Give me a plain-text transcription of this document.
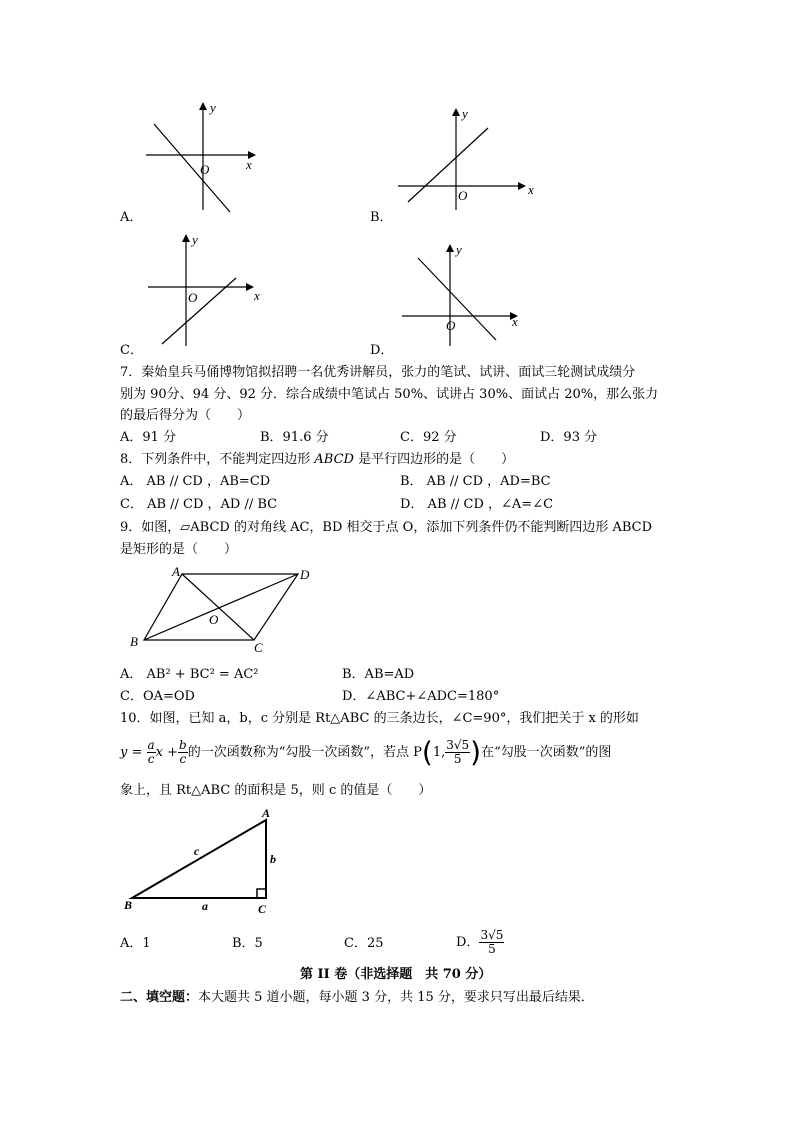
y
x
O
A．
y
x
O
B．
y
x
O
C．
y
x
O
D．
7．秦始皇兵马俑博物馆拟招聘一名优秀讲解员，张力的笔试、试讲、面试三轮测试成绩分
别为 90分、94 分、92 分．综合成绩中笔试占 50%、试讲占 30%、面试占 20%，那么张力
的最后得分为（　　）
A．91 分	B．91.6 分	C．92 分	D．93 分
8．下列条件中，不能判定四边形 ABCD 是平行四边形的是（　　）
A． AB // CD ，AB=CD	B． AB // CD ，AD=BC
C． AB // CD ，AD // BC	D． AB // CD ，∠A=∠C
9．如图，▱ABCD 的对角线 AC，BD 相交于点 O，添加下列条件仍不能判断四边形 ABCD
是矩形的是（　　）
A	D
B	C
O
A． AB² + BC² = AC²	B．AB=AD
C．OA=OD	D．∠ABC+∠ADC=180°
10．如图，已知 a，b，c 分别是 Rt△ABC 的三条边长，∠C=90°，我们把关于 x 的形如
$y = \frac{a}{c}$ $x + \frac{b}{c}$ 的一次函数称为“勾股一次函数”，若点 P(1, $\frac{3√5}{5}$ )在“勾股一次函数”的图
象上，且 Rt△ABC 的面积是 5，则 c 的值是（　　）
A
B	C
a
b
c
A．1	B．5	C．25	D． $\frac{3√5}{5}$
第 II 卷（非选择题　共 70 分）
二、填空题：本大题共 5 道小题，每小题 3 分，共 15 分，要求只写出最后结果．
